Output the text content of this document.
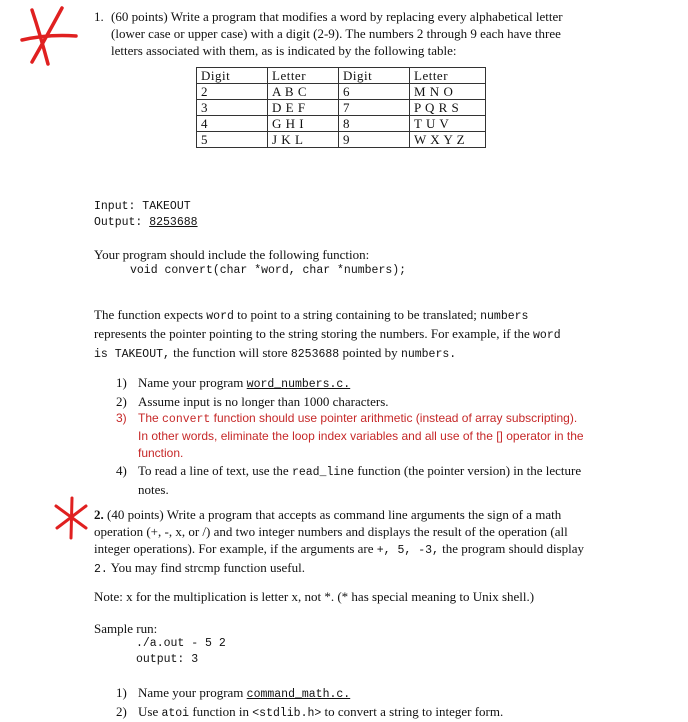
1. (60 points) Write a program that modifies a word by replacing every alphabetical letter (lower case or upper case) with a digit (2-9). The numbers 2 through 9 each have three letters associated with them, as is indicated by the following table:
Digit	Letter	Digit	Letter
2	A B C	6	M N O
3	D E F	7	P Q R S
4	G H I	8	T U V
5	J K L	9	W X Y Z
Input: TAKEOUT
Output: 8253688
Your program should include the following function:
void convert(char *word, char *numbers);
The function expects word to point to a string containing to be translated; numbers represents the pointer pointing to the string storing the numbers. For example, if the word is TAKEOUT, the function will store 8253688 pointed by numbers.
1) Name your program word_numbers.c.
2) Assume input is no longer than 1000 characters.
3) The convert function should use pointer arithmetic (instead of array subscripting). In other words, eliminate the loop index variables and all use of the [] operator in the function.
4) To read a line of text, use the read_line function (the pointer version) in the lecture notes.
2. (40 points) Write a program that accepts as command line arguments the sign of a math operation (+, -, x, or /) and two integer numbers and displays the result of the operation (all integer operations). For example, if the arguments are +, 5, -3, the program should display 2. You may find strcmp function useful.
Note: x for the multiplication is letter x, not *. (* has special meaning to Unix shell.)
Sample run:
./a.out - 5 2
output: 3
1) Name your program command_math.c.
2) Use atoi function in <stdlib.h> to convert a string to integer form.
